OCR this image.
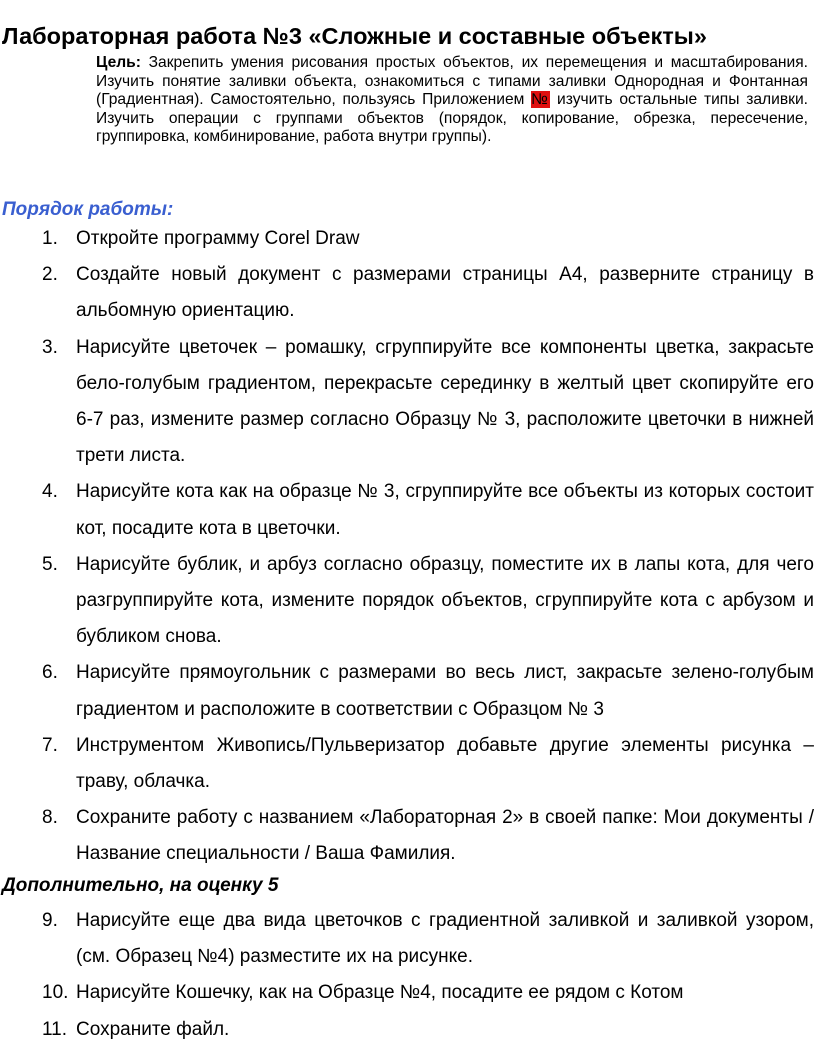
Лабораторная работа №3 «Сложные и составные объекты»
Цель: Закрепить умения рисования простых объектов, их перемещения и масштабирования. Изучить понятие заливки объекта, ознакомиться с типами заливки Однородная и Фонтанная (Градиентная). Самостоятельно, пользуясь Приложением № изучить остальные типы заливки. Изучить операции с группами объектов (порядок, копирование, обрезка, пересечение, группировка, комбинирование, работа внутри группы).
Порядок работы:
1. Откройте программу Corel Draw
2. Создайте новый документ с размерами страницы А4, разверните страницу в альбомную ориентацию.
3. Нарисуйте цветочек – ромашку, сгруппируйте все компоненты цветка, закрасьте бело-голубым градиентом, перекрасьте серединку в желтый цвет скопируйте его 6-7 раз, измените размер согласно Образцу № 3, расположите цветочки в нижней трети листа.
4. Нарисуйте кота как на образце № 3, сгруппируйте все объекты из которых состоит кот, посадите кота в цветочки.
5. Нарисуйте бублик, и арбуз согласно образцу, поместите их в лапы кота, для чего разгруппируйте кота, измените порядок объектов, сгруппируйте кота с арбузом и бубликом снова.
6. Нарисуйте прямоугольник с размерами во весь лист, закрасьте зелено-голубым градиентом и расположите в соответствии с Образцом № 3
7. Инструментом Живопись/Пульверизатор добавьте другие элементы рисунка – траву, облачка.
8. Сохраните работу с названием «Лабораторная 2» в своей папке: Мои документы / Название специальности / Ваша Фамилия.
Дополнительно, на оценку 5
9. Нарисуйте еще два вида цветочков с градиентной заливкой и заливкой узором, (см. Образец №4) разместите их на рисунке.
10. Нарисуйте Кошечку, как на Образце №4, посадите ее рядом с Котом
11. Сохраните файл.
